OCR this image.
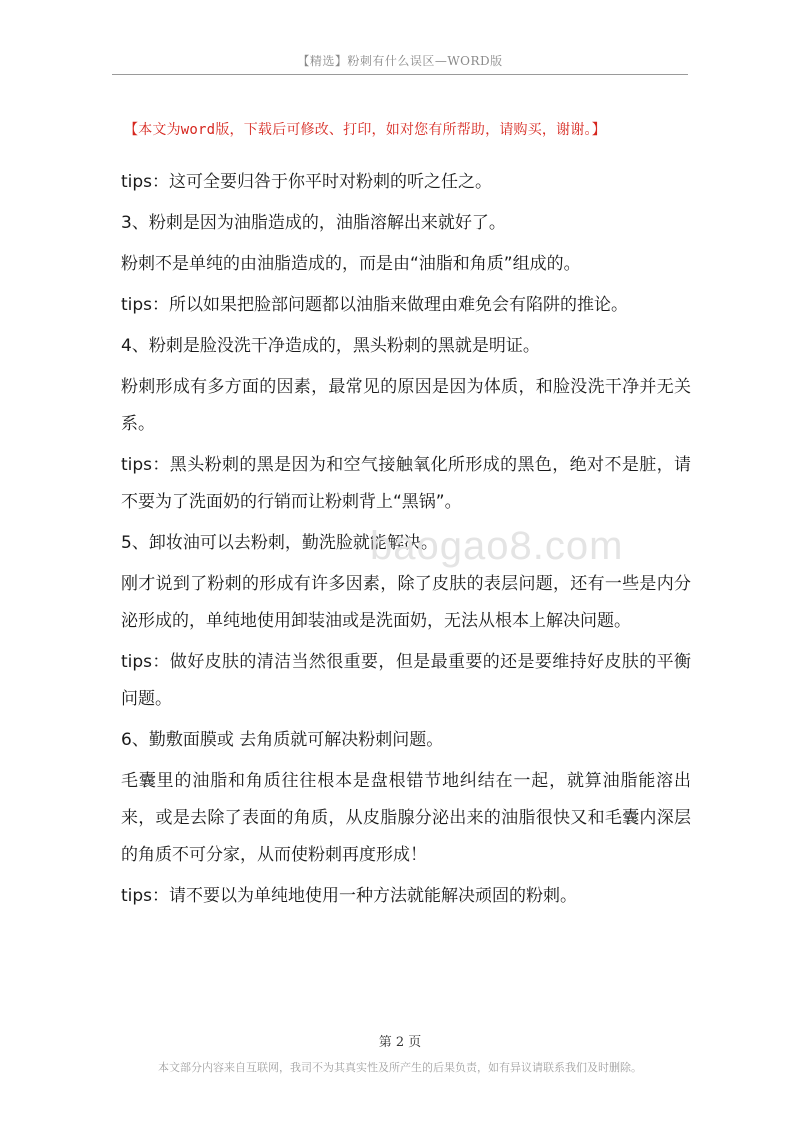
【精选】粉刺有什么误区—WORD版
【本文为word版，下载后可修改、打印，如对您有所帮助，请购买，谢谢。】

tips：这可全要归咎于你平时对粉刺的听之任之。

3、粉刺是因为油脂造成的，油脂溶解出来就好了。

粉刺不是单纯的由油脂造成的，而是由“油脂和角质”组成的。

tips：所以如果把脸部问题都以油脂来做理由难免会有陷阱的推论。

4、粉刺是脸没洗干净造成的，黑头粉刺的黑就是明证。

粉刺形成有多方面的因素，最常见的原因是因为体质，和脸没洗干净并无关系。

tips：黑头粉刺的黑是因为和空气接触氧化所形成的黑色，绝对不是脏，请不要为了洗面奶的行销而让粉刺背上“黑锅”。

5、卸妆油可以去粉刺，勤洗脸就能解决。

刚才说到了粉刺的形成有许多因素，除了皮肤的表层问题，还有一些是内分泌形成的，单纯地使用卸装油或是洗面奶，无法从根本上解决问题。

tips：做好皮肤的清洁当然很重要，但是最重要的还是要维持好皮肤的平衡问题。

6、勤敷面膜或 去角质就可解决粉刺问题。

毛囊里的油脂和角质往往根本是盘根错节地纠结在一起，就算油脂能溶出来，或是去除了表面的角质，从皮脂腺分泌出来的油脂很快又和毛囊内深层的角质不可分家，从而使粉刺再度形成！

tips：请不要以为单纯地使用一种方法就能解决顽固的粉刺。

baogao8.com
第 2 页
本文部分内容来自互联网，我司不为其真实性及所产生的后果负责，如有异议请联系我们及时删除。
